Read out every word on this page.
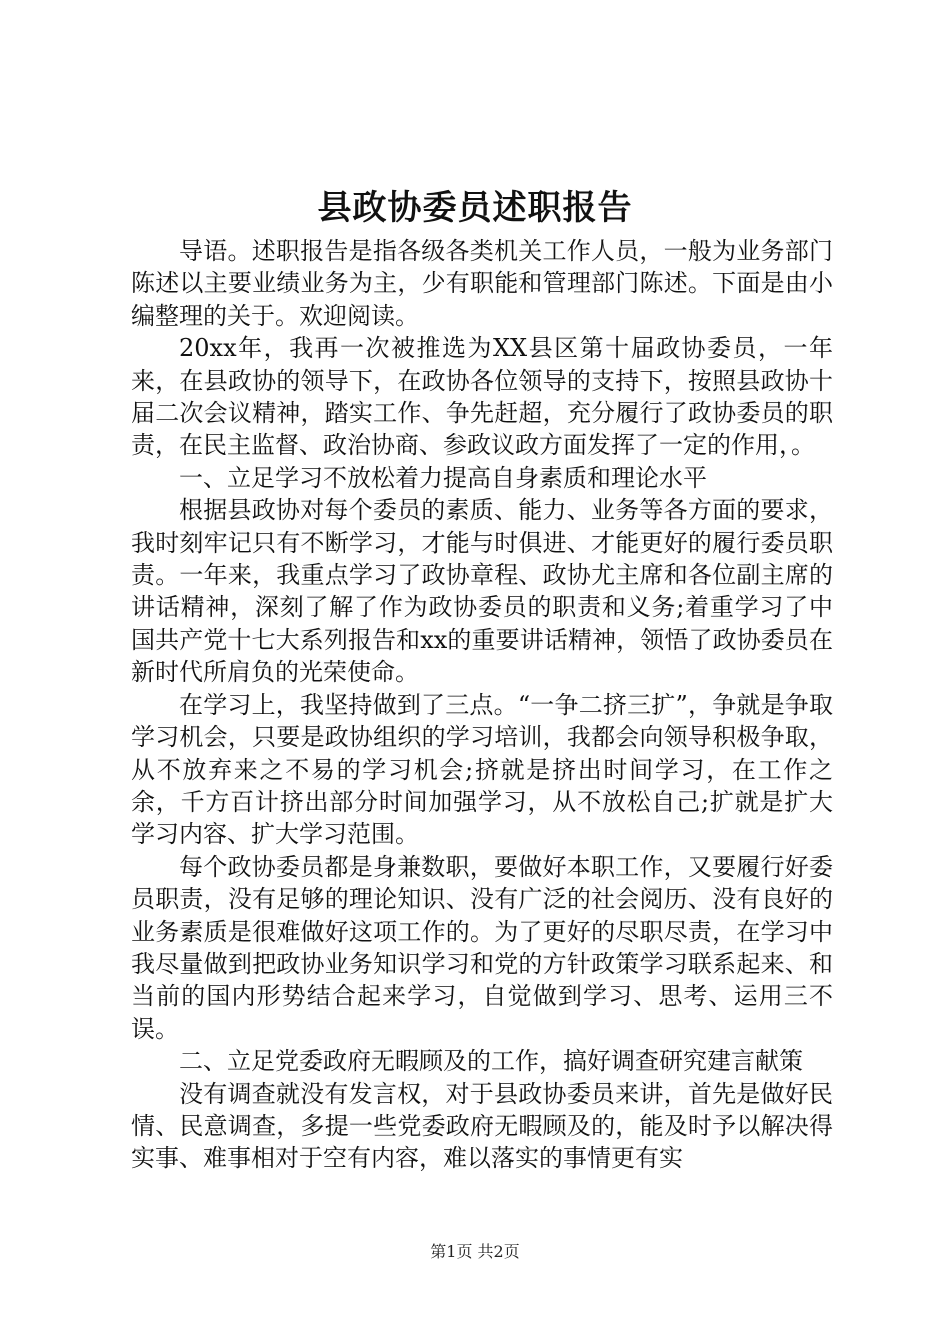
县政协委员述职报告

导语。述职报告是指各级各类机关工作人员，一般为业务部门陈述以主要业绩业务为主，少有职能和管理部门陈述。下面是由小编整理的关于。欢迎阅读。

20xx年，我再一次被推选为XX县区第十届政协委员，一年来，在县政协的领导下，在政协各位领导的支持下，按照县政协十届二次会议精神，踏实工作、争先赶超，充分履行了政协委员的职责，在民主监督、政治协商、参政议政方面发挥了一定的作用，。

一、立足学习不放松着力提高自身素质和理论水平

根据县政协对每个委员的素质、能力、业务等各方面的要求，我时刻牢记只有不断学习，才能与时俱进、才能更好的履行委员职责。一年来，我重点学习了政协章程、政协尤主席和各位副主席的讲话精神，深刻了解了作为政协委员的职责和义务;着重学习了中国共产党十七大系列报告和xx的重要讲话精神，领悟了政协委员在新时代所肩负的光荣使命。

在学习上，我坚持做到了三点。“一争二挤三扩”，争就是争取学习机会，只要是政协组织的学习培训，我都会向领导积极争取，从不放弃来之不易的学习机会;挤就是挤出时间学习，在工作之余，千方百计挤出部分时间加强学习，从不放松自己;扩就是扩大学习内容、扩大学习范围。

每个政协委员都是身兼数职，要做好本职工作，又要履行好委员职责，没有足够的理论知识、没有广泛的社会阅历、没有良好的业务素质是很难做好这项工作的。为了更好的尽职尽责，在学习中我尽量做到把政协业务知识学习和党的方针政策学习联系起来、和当前的国内形势结合起来学习，自觉做到学习、思考、运用三不误。

二、立足党委政府无暇顾及的工作，搞好调查研究建言献策

没有调查就没有发言权，对于县政协委员来讲，首先是做好民情、民意调查，多提一些党委政府无暇顾及的，能及时予以解决得实事、难事相对于空有内容，难以落实的事情更有实

第1页 共2页
